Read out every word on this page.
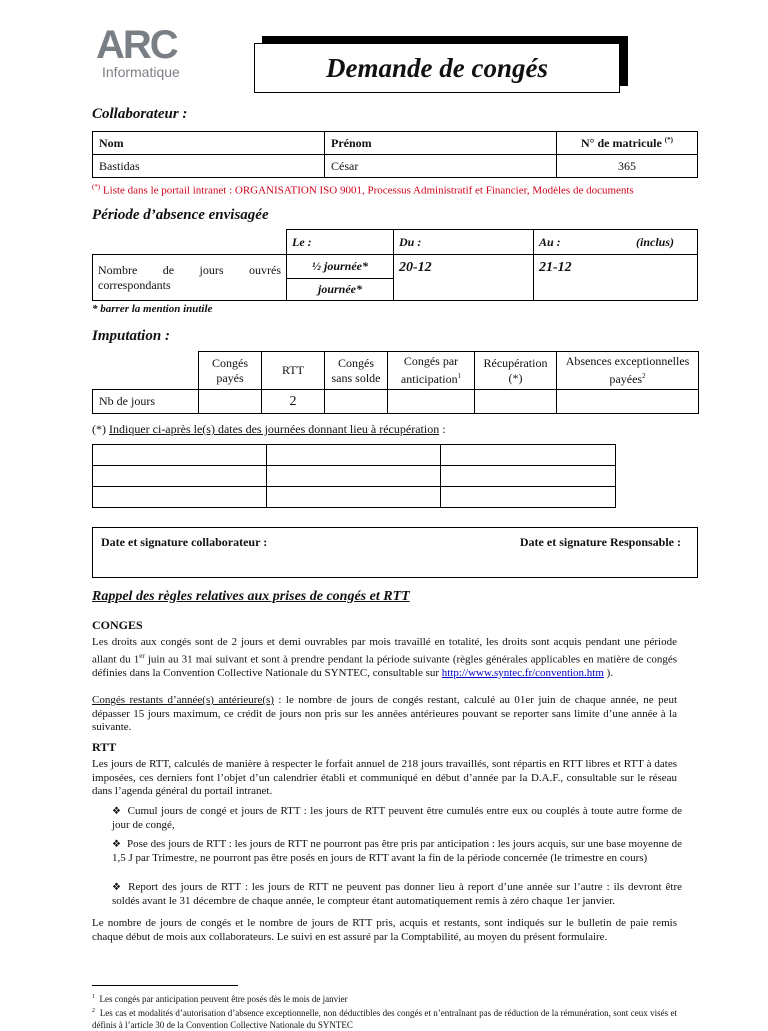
ARC
Informatique	Demande de congés
Collaborateur :
Nom	Prénom	N° de matricule (*)
Bastidas	César	365
(*) Liste dans le portail intranet : ORGANISATION ISO 9001, Processus Administratif et Financier, Modèles de documents
Période d’absence envisagée
	Le :	Du :	Au : (inclus)

Nombre de jours ouvrés correspondants	½ journée*	20-12	21-12
	journée*		
* barrer la mention inutile
Imputation :
	Congés payés	RTT	Congés sans solde	Congés par anticipation$^1$	Récupération (*)	Absences exceptionnelles payées$^2$
Nb de jours		2				
(*) Indiquer ci-après le(s) dates des journées donnant lieu à récupération :

Date et signature collaborateur :	Date et signature Responsable :
Rappel des règles relatives aux prises de congés et RTT
CONGES
Les droits aux congés sont de 2 jours et demi ouvrables par mois travaillé en totalité, les droits sont acquis pendant une période allant du 1er juin au 31 mai suivant et sont à prendre pendant la période suivante (règles générales applicables en matière de congés définies dans la Convention Collective Nationale du SYNTEC, consultable sur http://www.syntec.fr/convention.htm ).
Congés restants d’année(s) antérieure(s) : le nombre de jours de congés restant, calculé au 01er juin de chaque année, ne peut dépasser 15 jours maximum, ce crédit de jours non pris sur les années antérieures pouvant se reporter sans limite d’une année à la suivante.
RTT
Les jours de RTT, calculés de manière à respecter le forfait annuel de 218 jours travaillés, sont répartis en RTT libres et RTT à dates imposées, ces derniers font l’objet d’un calendrier établi et communiqué en début d’année par la D.A.F., consultable sur le réseau dans l’agenda général du portail intranet.
❖ Cumul jours de congé et jours de RTT : les jours de RTT peuvent être cumulés entre eux ou couplés à toute autre forme de jour de congé,
❖ Pose des jours de RTT : les jours de RTT ne pourront pas être pris par anticipation : les jours acquis, sur une base moyenne de 1,5 J par Trimestre, ne pourront pas être posés en jours de RTT avant la fin de la période concernée (le trimestre en cours)
❖ Report des jours de RTT : les jours de RTT ne peuvent pas donner lieu à report d’une année sur l’autre : ils devront être soldés avant le 31 décembre de chaque année, le compteur étant automatiquement remis à zéro chaque 1er janvier.
Le nombre de jours de congés et le nombre de jours de RTT pris, acquis et restants, sont indiqués sur le bulletin de paie remis chaque début de mois aux collaborateurs. Le suivi en est assuré par la Comptabilité, au moyen du présent formulaire.
$^1$ Les congés par anticipation peuvent être posés dès le mois de janvier
$^2$ Les cas et modalités d’autorisation d’absence exceptionnelle, non déductibles des congés et n’entraînant pas de réduction de la rémunération, sont ceux visés et définis à l’article 30 de la Convention Collective Nationale du SYNTEC
